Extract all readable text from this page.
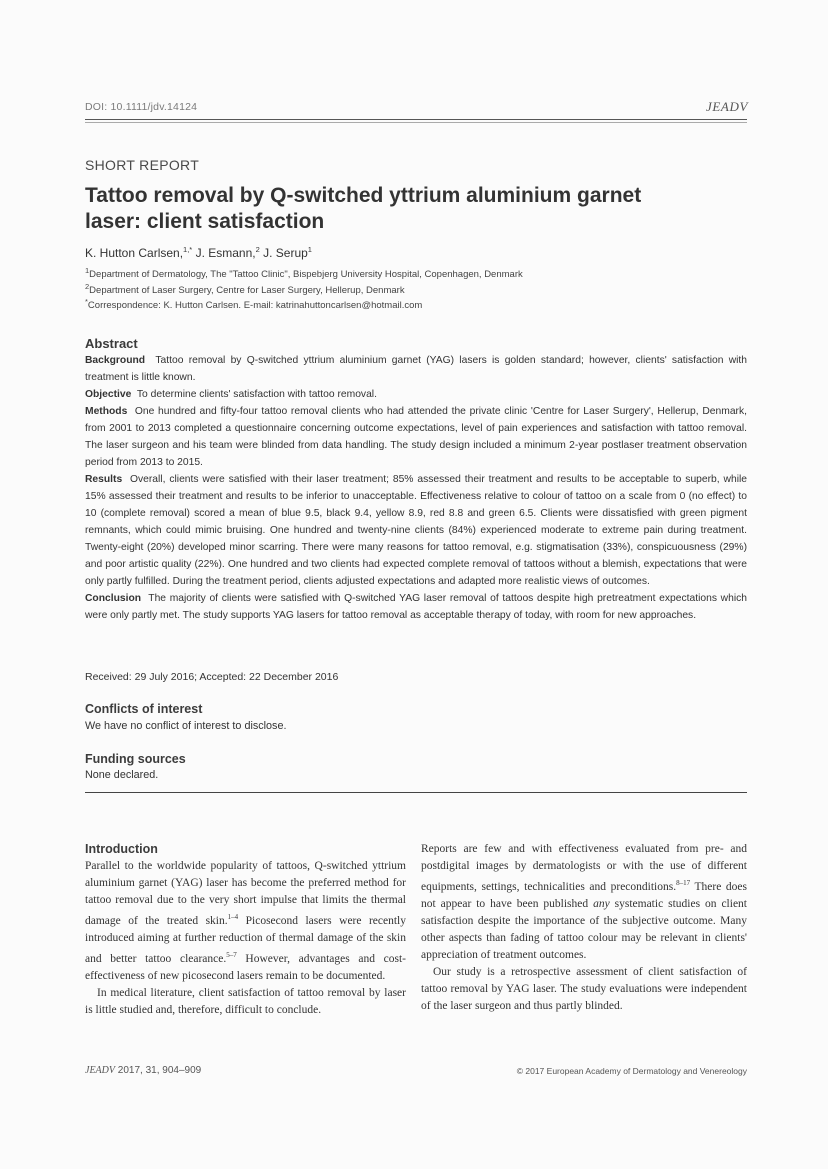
DOI: 10.1111/jdv.14124	JEADV
SHORT REPORT
Tattoo removal by Q-switched yttrium aluminium garnet laser: client satisfaction
K. Hutton Carlsen,$^{1,*}$ J. Esmann,$^2$ J. Serup$^1$
$^1$Department of Dermatology, The "Tattoo Clinic", Bispebjerg University Hospital, Copenhagen, Denmark
$^2$Department of Laser Surgery, Centre for Laser Surgery, Hellerup, Denmark
*Correspondence: K. Hutton Carlsen. E-mail: katrinahuttoncarlsen@hotmail.com
Abstract

Background Tattoo removal by Q-switched yttrium aluminium garnet (YAG) lasers is golden standard; however, clients' satisfaction with treatment is little known.

Objective To determine clients' satisfaction with tattoo removal.

Methods One hundred and fifty-four tattoo removal clients who had attended the private clinic 'Centre for Laser Surgery', Hellerup, Denmark, from 2001 to 2013 completed a questionnaire concerning outcome expectations, level of pain experiences and satisfaction with tattoo removal. The laser surgeon and his team were blinded from data handling. The study design included a minimum 2-year postlaser treatment observation period from 2013 to 2015.

Results Overall, clients were satisfied with their laser treatment; 85% assessed their treatment and results to be acceptable to superb, while 15% assessed their treatment and results to be inferior to unacceptable. Effectiveness relative to colour of tattoo on a scale from 0 (no effect) to 10 (complete removal) scored a mean of blue 9.5, black 9.4, yellow 8.9, red 8.8 and green 6.5. Clients were dissatisfied with green pigment remnants, which could mimic bruising. One hundred and twenty-nine clients (84%) experienced moderate to extreme pain during treatment. Twenty-eight (20%) developed minor scarring. There were many reasons for tattoo removal, e.g. stigmatisation (33%), conspicuousness (29%) and poor artistic quality (22%). One hundred and two clients had expected complete removal of tattoos without a blemish, expectations that were only partly fulfilled. During the treatment period, clients adjusted expectations and adapted more realistic views of outcomes.

Conclusion The majority of clients were satisfied with Q-switched YAG laser removal of tattoos despite high pretreatment expectations which were only partly met. The study supports YAG lasers for tattoo removal as acceptable therapy of today, with room for new approaches.

Received: 29 July 2016; Accepted: 22 December 2016
Conflicts of interest
We have no conflict of interest to disclose.
Funding sources
None declared.
Introduction

Parallel to the worldwide popularity of tattoos, Q-switched yttrium aluminium garnet (YAG) laser has become the preferred method for tattoo removal due to the very short impulse that limits the thermal damage of the treated skin.$^{1-4}$ Picosecond lasers were recently introduced aiming at further reduction of thermal damage of the skin and better tattoo clearance.$^{5-7}$ However, advantages and cost-effectiveness of new picosecond lasers remain to be documented.

In medical literature, client satisfaction of tattoo removal by laser is little studied and, therefore, difficult to conclude.

Reports are few and with effectiveness evaluated from pre- and postdigital images by dermatologists or with the use of different equipments, settings, technicalities and preconditions.$^{8-17}$ There does not appear to have been published any systematic studies on client satisfaction despite the importance of the subjective outcome. Many other aspects than fading of tattoo colour may be relevant in clients' appreciation of treatment outcomes.

Our study is a retrospective assessment of client satisfaction of tattoo removal by YAG laser. The study evaluations were independent of the laser surgeon and thus partly blinded.

JEADV 2017, 31, 904–909	© 2017 European Academy of Dermatology and Venereology
